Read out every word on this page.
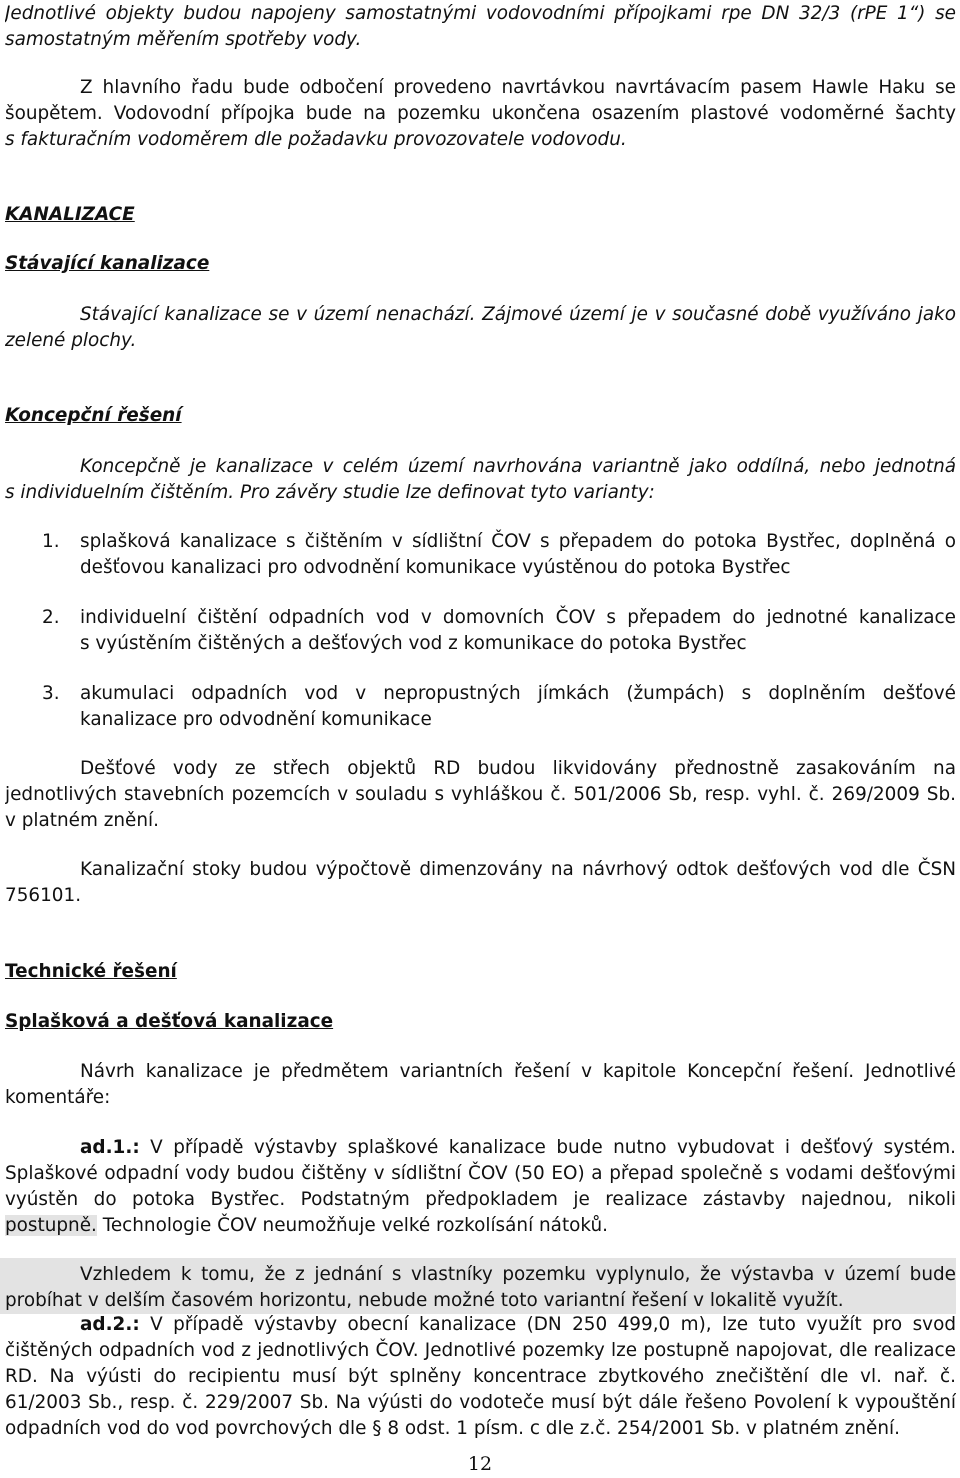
Jednotlivé objekty budou napojeny samostatnými vodovodními přípojkami rpe DN 32/3 (rPE 1“) se
samostatným měřením spotřeby vody.
Z hlavního řadu bude odbočení provedeno navrtávkou navrtávacím pasem Hawle Haku se
šoupětem. Vodovodní přípojka bude na pozemku ukončena osazením plastové vodoměrné šachty
s fakturačním vodoměrem dle požadavku provozovatele vodovodu.
KANALIZACE
Stávající kanalizace
Stávající kanalizace se v území nenachází. Zájmové území je v současné době využíváno jako
zelené plochy.
Koncepční řešení
Koncepčně je kanalizace v celém území navrhována variantně jako oddílná, nebo jednotná
s individuelním čištěním. Pro závěry studie lze definovat tyto varianty:
1. splašková kanalizace s čištěním v sídlištní ČOV s přepadem do potoka Bystřec, doplněná o
dešťovou kanalizaci pro odvodnění komunikace vyústěnou do potoka Bystřec
2. individuelní čištění odpadních vod v domovních ČOV s přepadem do jednotné kanalizace
s vyústěním čištěných a dešťových vod z komunikace do potoka Bystřec
3. akumulaci odpadních vod v nepropustných jímkách (žumpách) s doplněním dešťové
kanalizace pro odvodnění komunikace
Dešťové vody ze střech objektů RD budou likvidovány přednostně zasakováním na
jednotlivých stavebních pozemcích v souladu s vyhláškou č. 501/2006 Sb, resp. vyhl. č. 269/2009 Sb.
v platném znění.
Kanalizační stoky budou výpočtově dimenzovány na návrhový odtok dešťových vod dle ČSN
756101.
Technické řešení
Splašková a dešťová kanalizace
Návrh kanalizace je předmětem variantních řešení v kapitole Koncepční řešení. Jednotlivé
komentáře:
ad.1.: V případě výstavby splaškové kanalizace bude nutno vybudovat i dešťový systém.
Splaškové odpadní vody budou čištěny v sídlištní ČOV (50 EO) a přepad společně s vodami dešťovými
vyústěn do potoka Bystřec. Podstatným předpokladem je realizace zástavby najednou, nikoli
postupně. Technologie ČOV neumožňuje velké rozkolísání nátoků.
Vzhledem k tomu, že z jednání s vlastníky pozemku vyplynulo, že výstavba v území bude
probíhat v delším časovém horizontu, nebude možné toto variantní řešení v lokalitě využít.
ad.2.: V případě výstavby obecní kanalizace (DN 250 499,0 m), lze tuto využít pro svod
čištěných odpadních vod z jednotlivých ČOV. Jednotlivé pozemky lze postupně napojovat, dle realizace
RD. Na výústi do recipientu musí být splněny koncentrace zbytkového znečištění dle vl. nař. č.
61/2003 Sb., resp. č. 229/2007 Sb. Na výústi do vodoteče musí být dále řešeno Povolení k vypouštění
odpadních vod do vod povrchových dle § 8 odst. 1 písm. c dle z.č. 254/2001 Sb. v platném znění.
12
